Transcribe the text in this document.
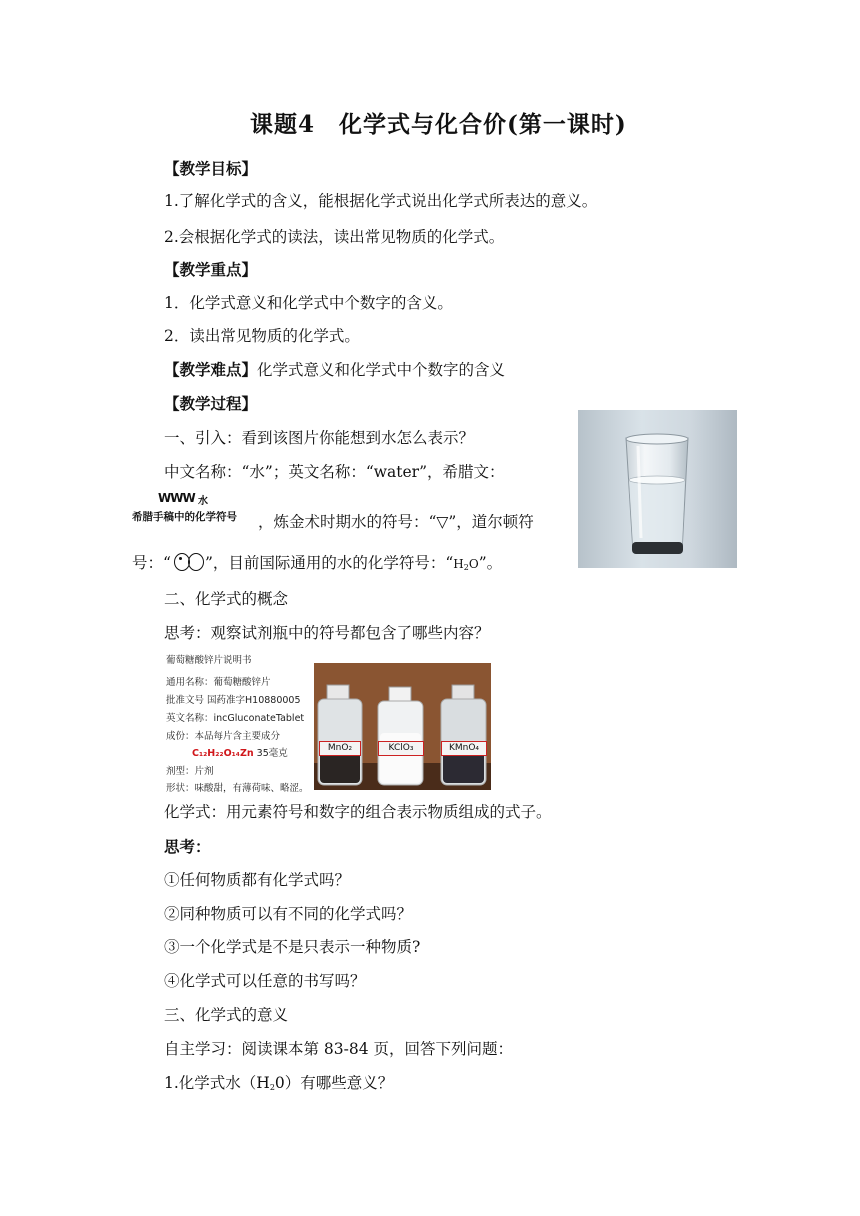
课题4　化学式与化合价(第一课时)
【教学目标】
1.了解化学式的含义，能根据化学式说出化学式所表达的意义。
2.会根据化学式的读法，读出常见物质的化学式。
【教学重点】
1．化学式意义和化学式中个数字的含义。
2．读出常见物质的化学式。
【教学难点】化学式意义和化学式中个数字的含义
【教学过程】
一、引入：看到该图片你能想到水怎么表示？
中文名称：“水”；英文名称：“water”，希腊文：
WWW 水
希腊手稿中的化学符号 ，炼金术时期水的符号：“▽”，道尔顿符
号：“ ”，目前国际通用的水的化学符号：“H2O”。
二、化学式的概念
思考：观察试剂瓶中的符号都包含了哪些内容？
葡萄糖酸锌片说明书
通用名称：葡萄糖酸锌片
批准文号 国药准字H10880005
英文名称：incGluconateTablet
成份：本品每片含主要成分
C₁₂H₂₂O₁₄Zn 35毫克
剂型：片剂
形状：味酸甜，有薄荷味、略涩。
MnO₂	KClO₃	KMnO₄
化学式：用元素符号和数字的组合表示物质组成的式子。
思考：
①任何物质都有化学式吗？
②同种物质可以有不同的化学式吗？
③一个化学式是不是只表示一种物质?
④化学式可以任意的书写吗？
三、化学式的意义
自主学习：阅读课本第 83-84 页，回答下列问题：
1.化学式水（H20）有哪些意义？
